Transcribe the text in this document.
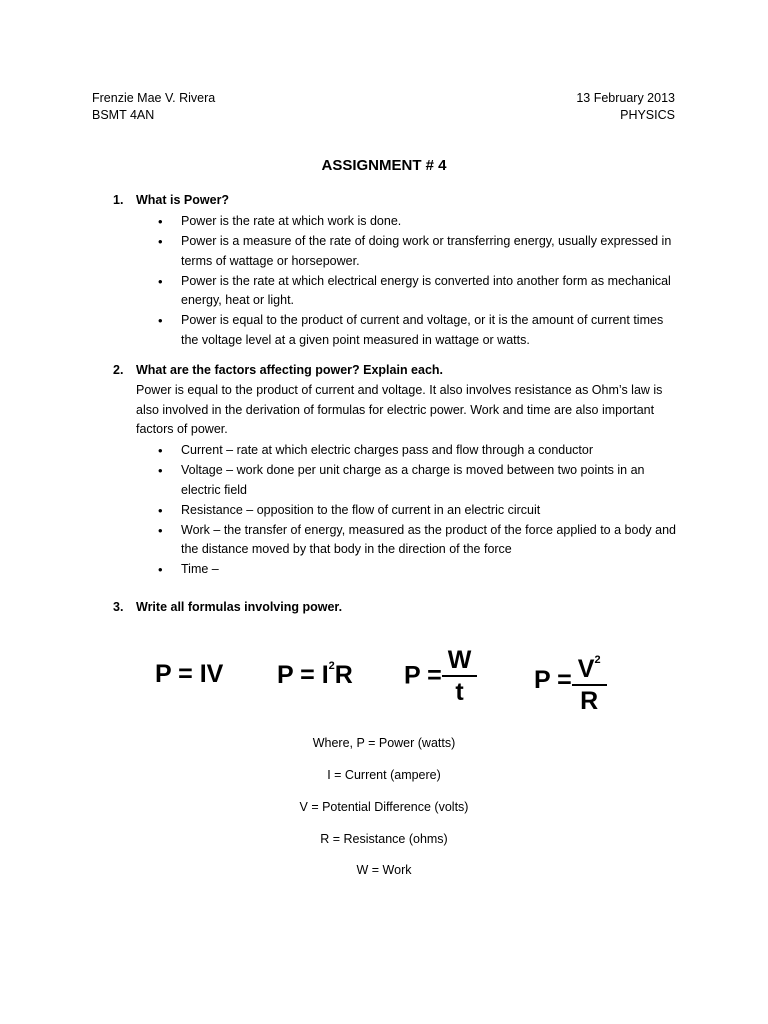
Frenzie Mae V. Rivera
BSMT 4AN
13 February 2013
PHYSICS
ASSIGNMENT # 4
1. What is Power?
• Power is the rate at which work is done.
• Power is a measure of the rate of doing work or transferring energy, usually expressed in terms of wattage or horsepower.
• Power is the rate at which electrical energy is converted into another form as mechanical energy, heat or light.
• Power is equal to the product of current and voltage, or it is the amount of current times the voltage level at a given point measured in wattage or watts.
2. What are the factors affecting power? Explain each.
Power is equal to the product of current and voltage. It also involves resistance as Ohm’s law is also involved in the derivation of formulas for electric power. Work and time are also important factors of power.
• Current – rate at which electric charges pass and flow through a conductor
• Voltage – work done per unit charge as a charge is moved between two points in an electric field
• Resistance – opposition to the flow of current in an electric circuit
• Work – the transfer of energy, measured as the product of the force applied to a body and the distance moved by that body in the direction of the force
• Time –
3. Write all formulas involving power.
P = IV $P = I^2R$ $P = \frac{W}{t}$ $P = \frac{V^2}{R}$
Where, P = Power (watts)
I = Current (ampere)
V = Potential Difference (volts)
R = Resistance (ohms)
W = Work
